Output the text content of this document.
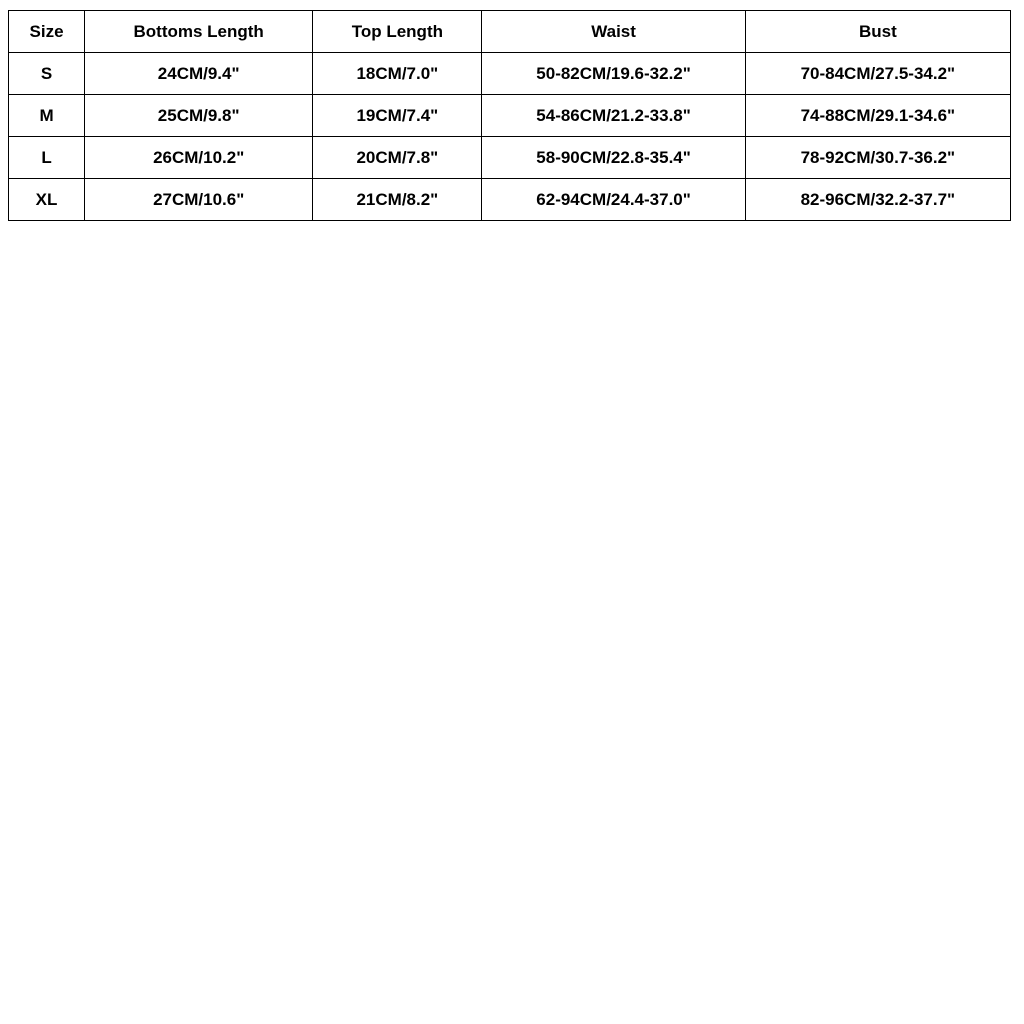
Size	Bottoms Length	Top Length	Waist	Bust
S	24CM/9.4"	18CM/7.0"	50-82CM/19.6-32.2"	70-84CM/27.5-34.2"
M	25CM/9.8"	19CM/7.4"	54-86CM/21.2-33.8"	74-88CM/29.1-34.6"
L	26CM/10.2"	20CM/7.8"	58-90CM/22.8-35.4"	78-92CM/30.7-36.2"
XL	27CM/10.6"	21CM/8.2"	62-94CM/24.4-37.0"	82-96CM/32.2-37.7"
